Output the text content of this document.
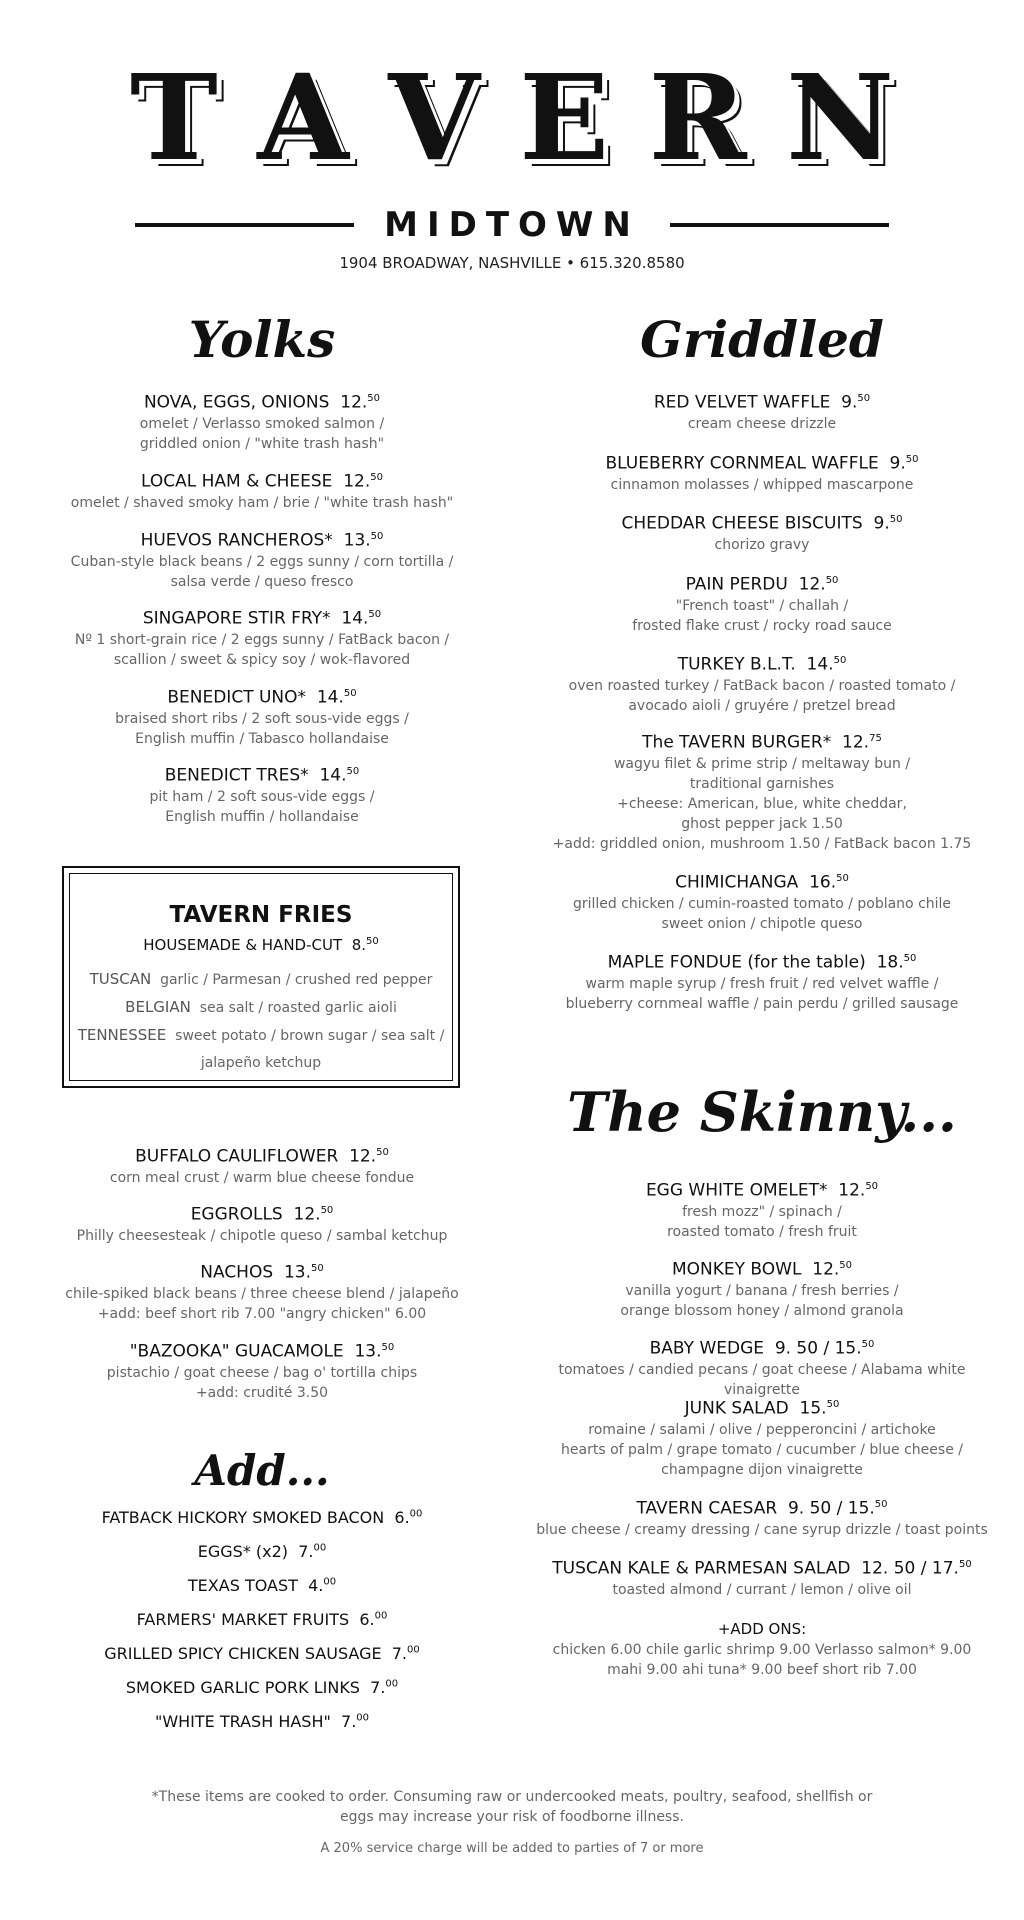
T A V E R N
MIDTOWN
1904 BROADWAY, NASHVILLE • 615.320.8580
Yolks
NOVA, EGGS, ONIONS 12.50
omelet / Verlasso smoked salmon /
griddled onion / "white trash hash"
LOCAL HAM & CHEESE 12.50
omelet / shaved smoky ham / brie / "white trash hash"
HUEVOS RANCHEROS* 13.50
Cuban-style black beans / 2 eggs sunny / corn tortilla /
salsa verde / queso fresco
SINGAPORE STIR FRY* 14.50
Nº 1 short-grain rice / 2 eggs sunny / FatBack bacon /
scallion / sweet & spicy soy / wok-flavored
BENEDICT UNO* 14.50
braised short ribs / 2 soft sous-vide eggs /
English muffin / Tabasco hollandaise
BENEDICT TRES* 14.50
pit ham / 2 soft sous-vide eggs /
English muffin / hollandaise
BUFFALO CAULIFLOWER 12.50
corn meal crust / warm blue cheese fondue
EGGROLLS 12.50
Philly cheesesteak / chipotle queso / sambal ketchup
NACHOS 13.50
chile-spiked black beans / three cheese blend / jalapeño
+add: beef short rib 7.00 "angry chicken" 6.00
"BAZOOKA" GUACAMOLE 13.50
pistachio / goat cheese / bag o' tortilla chips
+add: crudité 3.50
Add...
FATBACK HICKORY SMOKED BACON 6.00
EGGS* (x2) 7.00
TEXAS TOAST 4.00
FARMERS' MARKET FRUITS 6.00
GRILLED SPICY CHICKEN SAUSAGE 7.00
SMOKED GARLIC PORK LINKS 7.00
"WHITE TRASH HASH" 7.00
TAVERN FRIES
HOUSEMADE & HAND-CUT 8.50
TUSCAN garlic / Parmesan / crushed red pepper
BELGIAN sea salt / roasted garlic aioli
TENNESSEE sweet potato / brown sugar / sea salt /
jalapeño ketchup
Griddled
RED VELVET WAFFLE 9.50
cream cheese drizzle
BLUEBERRY CORNMEAL WAFFLE 9.50
cinnamon molasses / whipped mascarpone
CHEDDAR CHEESE BISCUITS 9.50
chorizo gravy
PAIN PERDU 12.50
"French toast" / challah /
frosted flake crust / rocky road sauce
TURKEY B.L.T. 14.50
oven roasted turkey / FatBack bacon / roasted tomato /
avocado aioli / gruyére / pretzel bread
The TAVERN BURGER* 12.75
wagyu filet & prime strip / meltaway bun /
traditional garnishes
+cheese: American, blue, white cheddar,
ghost pepper jack 1.50
+add: griddled onion, mushroom 1.50 / FatBack bacon 1.75
CHIMICHANGA 16.50
grilled chicken / cumin-roasted tomato / poblano chile
sweet onion / chipotle queso
MAPLE FONDUE (for the table) 18.50
warm maple syrup / fresh fruit / red velvet waffle /
blueberry cornmeal waffle / pain perdu / grilled sausage
The Skinny...
EGG WHITE OMELET* 12.50
fresh mozz" / spinach /
roasted tomato / fresh fruit
MONKEY BOWL 12.50
vanilla yogurt / banana / fresh berries /
orange blossom honey / almond granola
BABY WEDGE 9. 50 / 15.50
tomatoes / candied pecans / goat cheese / Alabama white vinaigrette
JUNK SALAD 15.50
romaine / salami / olive / pepperoncini / artichoke
hearts of palm / grape tomato / cucumber / blue cheese /
champagne dijon vinaigrette
TAVERN CAESAR 9. 50 / 15.50
blue cheese / creamy dressing / cane syrup drizzle / toast points
TUSCAN KALE & PARMESAN SALAD 12. 50 / 17.50
toasted almond / currant / lemon / olive oil
+ADD ONS:
chicken 6.00 chile garlic shrimp 9.00 Verlasso salmon* 9.00
mahi 9.00 ahi tuna* 9.00 beef short rib 7.00
*These items are cooked to order. Consuming raw or undercooked meats, poultry, seafood, shellfish or eggs may increase your risk of foodborne illness.
A 20% service charge will be added to parties of 7 or more
